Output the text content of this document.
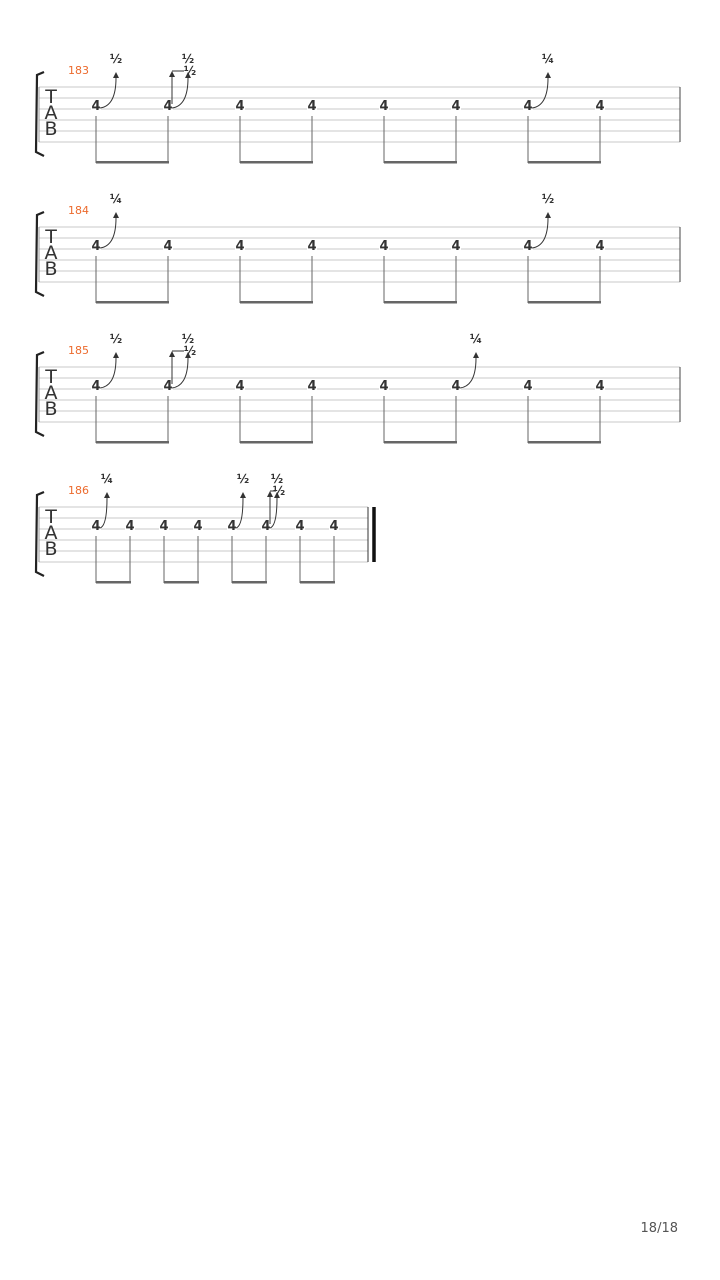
T
A
B
183
4
½
4
½
½
4	4	4	4	4
¼
4
T
A
B
184
4
¼
4	4	4	4	4	4
½
4
T
A
B
185
4
½
4
½
½
4	4	4	4
¼
4	4
T
A
B
186
4
¼
4 4 4 4
½
4
½
½
4 4
18/18
